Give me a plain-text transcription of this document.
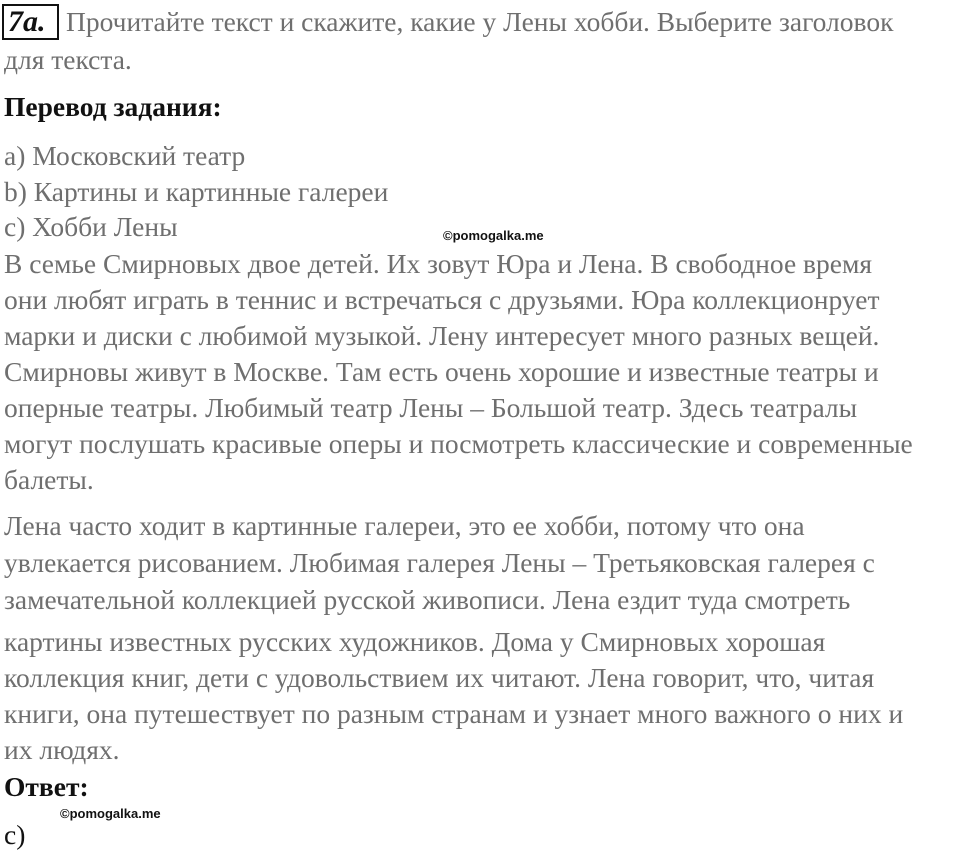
7a. Прочитайте текст и скажите, какие у Лены хобби. Выберите заголовок

для текста.

Перевод задания:

a) Московский театр

b) Картины и картинные галереи

c) Хобби Лены	©pomogalka.me

В семье Смирновых двое детей. Их зовут Юра и Лена. В свободное время

они любят играть в теннис и встречаться с друзьями. Юра коллекционрует

марки и диски с любимой музыкой. Лену интересует много разных вещей.

Смирновы живут в Москве. Там есть очень хорошие и известные театры и

оперные театры. Любимый театр Лены – Большой театр. Здесь театралы

могут послушать красивые оперы и посмотреть классические и современные

балеты.

Лена часто ходит в картинные галереи, это ее хобби, потому что она

увлекается рисованием. Любимая галерея Лены – Третьяковская галерея с

замечательной коллекцией русской живописи. Лена ездит туда смотреть

картины известных русских художников. Дома у Смирновых хорошая

коллекция книг, дети с удовольствием их читают. Лена говорит, что, читая

книги, она путешествует по разным странам и узнает много важного о них и

их людях.

Ответ:
©pomogalka.me

c)
